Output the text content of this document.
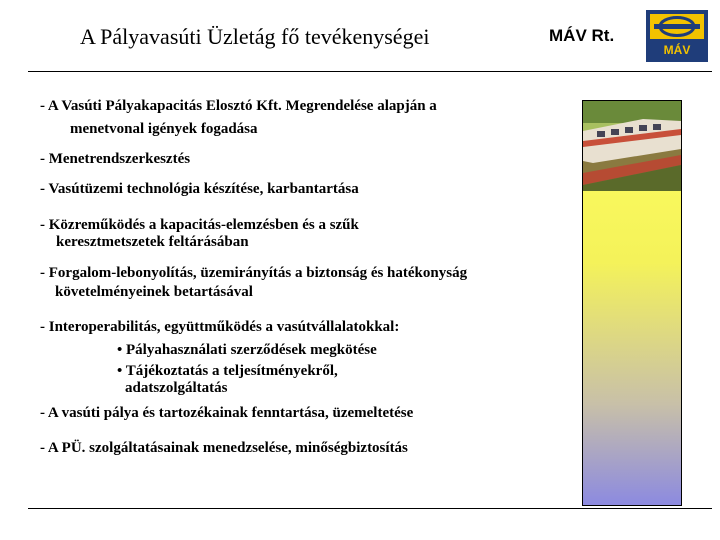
A Pályavasúti Üzletág fő tevékenységei	MÁV Rt.
MÁV
- A Vasúti Pályakapacitás Elosztó Kft. Megrendelése alapján a
menetvonal igények fogadása
- Menetrendszerkesztés
- Vasútüzemi technológia készítése, karbantartása
- Közreműködés a kapacitás-elemzésben és a szűk
keresztmetszetek feltárásában
- Forgalom-lebonyolítás, üzemirányítás a biztonság és hatékonyság
követelményeinek betartásával
- Interoperabilitás, együttműködés a vasútvállalatokkal:
• Pályahasználati szerződések megkötése
• Tájékoztatás a teljesítményekről,
adatszolgáltatás
- A vasúti pálya és tartozékainak fenntartása, üzemeltetése
- A PÜ. szolgáltatásainak menedzselése, minőségbiztosítás
